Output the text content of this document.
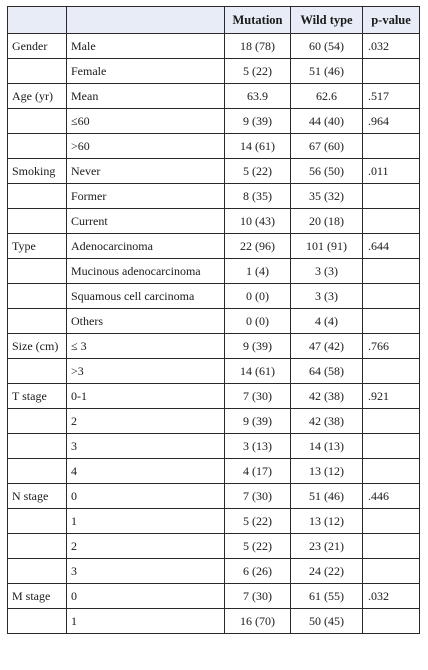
		Mutation	Wild type	p-value
Gender	Male	18 (78)	60 (54)	.032
	Female	5 (22)	51 (46)	
Age (yr)	Mean	63.9	62.6	.517
	≤60	9 (39)	44 (40)	.964
	>60	14 (61)	67 (60)	
Smoking	Never	5 (22)	56 (50)	.011
	Former	8 (35)	35 (32)	
	Current	10 (43)	20 (18)	
Type	Adenocarcinoma	22 (96)	101 (91)	.644
	Mucinous adenocarcinoma	1 (4)	3 (3)	
	Squamous cell carcinoma	0 (0)	3 (3)	
	Others	0 (0)	4 (4)	
Size (cm)	≤ 3	9 (39)	47 (42)	.766
	>3	14 (61)	64 (58)	
T stage	0-1	7 (30)	42 (38)	.921
	2	9 (39)	42 (38)	
	3	3 (13)	14 (13)	
	4	4 (17)	13 (12)	
N stage	0	7 (30)	51 (46)	.446
	1	5 (22)	13 (12)	
	2	5 (22)	23 (21)	
	3	6 (26)	24 (22)	
M stage	0	7 (30)	61 (55)	.032
	1	16 (70)	50 (45)	
